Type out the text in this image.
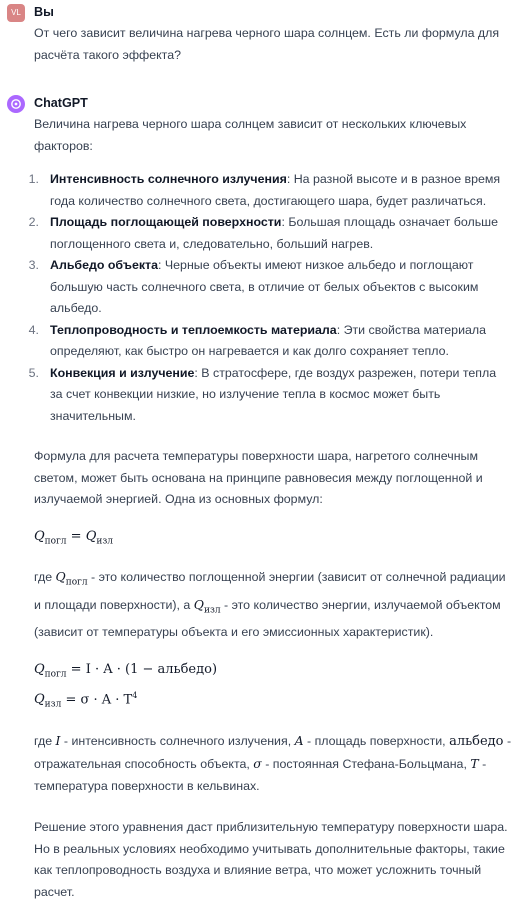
VL	Вы

От чего зависит величина нагрева черного шара солнцем. Есть ли формула для расчёта такого эффекта?

ChatGPT

Величина нагрева черного шара солнцем зависит от нескольких ключевых факторов:

1. Интенсивность солнечного излучения: На разной высоте и в разное время года количество солнечного света, достигающего шара, будет различаться.
2. Площадь поглощающей поверхности: Большая площадь означает больше поглощенного света и, следовательно, больший нагрев.
3. Альбедо объекта: Черные объекты имеют низкое альбедо и поглощают большую часть солнечного света, в отличие от белых объектов с высоким альбедо.
4. Теплопроводность и теплоемкость материала: Эти свойства материала определяют, как быстро он нагревается и как долго сохраняет тепло.
5. Конвекция и излучение: В стратосфере, где воздух разрежен, потери тепла за счет конвекции низкие, но излучение тепла в космос может быть значительным.

Формула для расчета температуры поверхности шара, нагретого солнечным светом, может быть основана на принципе равновесия между поглощенной и излучаемой энергией. Одна из основных формул:

$Q_{погл} = Q_{изл}$

где $Q_{погл}$ - это количество поглощенной энергии (зависит от солнечной радиации и площади поверхности), а $Q_{изл}$ - это количество энергии, излучаемой объектом (зависит от температуры объекта и его эмиссионных характеристик).

$Q_{погл} = I \cdot A \cdot (1$ − альбедо)
$Q_{изл} = \sigma \cdot A \cdot T^4$

где I - интенсивность солнечного излучения, A - площадь поверхности, альбедо - отражательная способность объекта, σ - постоянная Стефана-Больцмана, T - температура поверхности в кельвинах.

Решение этого уравнения даст приблизительную температуру поверхности шара. Но в реальных условиях необходимо учитывать дополнительные факторы, такие как теплопроводность воздуха и влияние ветра, что может усложнить точный расчет.
